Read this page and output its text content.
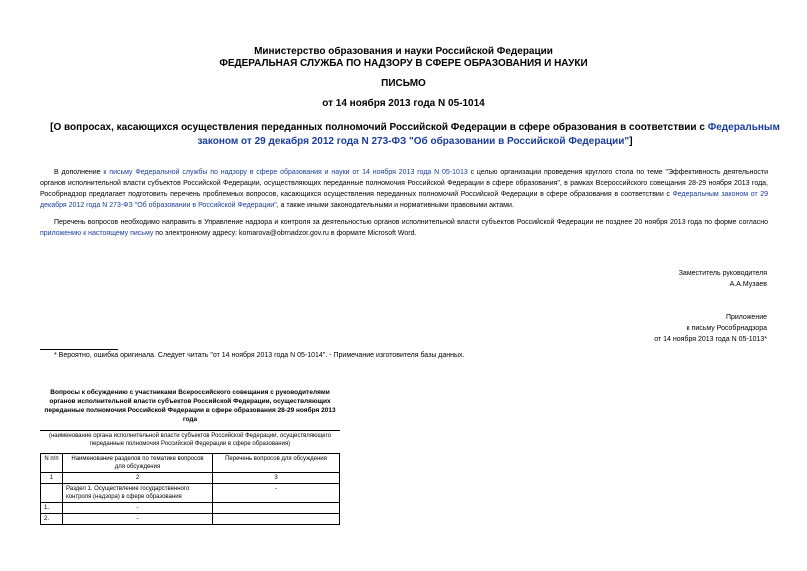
Министерство образования и науки Российской Федерации
ФЕДЕРАЛЬНАЯ СЛУЖБА ПО НАДЗОРУ В СФЕРЕ ОБРАЗОВАНИЯ И НАУКИ
ПИСЬМО
от 14 ноября 2013 года N 05-1014
[О вопросах, касающихся осуществления переданных полномочий Российской Федерации в сфере образования в соответствии с Федеральным законом от 29 декабря 2012 года N 273-ФЗ "Об образовании в Российской Федерации"]
В дополнение к письму Федеральной службы по надзору в сфере образования и науки от 14 ноября 2013 года N 05-1013 с целью организации проведения круглого стола по теме "Эффективность деятельности органов исполнительной власти субъектов Российской Федерации, осуществляющих переданные полномочия Российской Федерации в сфере образования", в рамках Всероссийского совещания 28-29 ноября 2013 года, Рособрнадзор предлагает подготовить перечень проблемных вопросов, касающихся осуществления переданных полномочий Российской Федерации в сфере образования в соответствии с Федеральным законом от 29 декабря 2012 года N 273-ФЗ "Об образовании в Российской Федерации", а также иными законодательными и нормативными правовыми актами.
Перечень вопросов необходимо направить в Управление надзора и контроля за деятельностью органов исполнительной власти субъектов Российской Федерации не позднее 20 ноября 2013 года по форме согласно приложению к настоящему письму по электронному адресу: komarova@obrnadzor.gov.ru в формате Microsoft Word.
Заместитель руководителя
А.А.Музаев
Приложение
к письму Рособрнадзора
от 14 ноября 2013 года N 05-1013*
* Вероятно, ошибка оригинала. Следует читать "от 14 ноября 2013 года N 05-1014". - Примечание изготовителя базы данных.
Вопросы к обсуждению с участниками Всероссийского совещания с руководителями органов исполнительной власти субъектов Российской Федерации, осуществляющих переданные полномочия Российской Федерации в сфере образования 28-29 ноября 2013 года
(наименование органа исполнительной власти субъектов Российской Федерации, осуществляющего переданные полномочия Российской Федерации в сфере образования)
N п/п	Наименование разделов по тематике вопросов для обсуждения	Перечень вопросов для обсуждения
1	2	3
	Раздел 1. Осуществление государственного контроля (надзора) в сфере образования	-
1.	-	
2.	-	
